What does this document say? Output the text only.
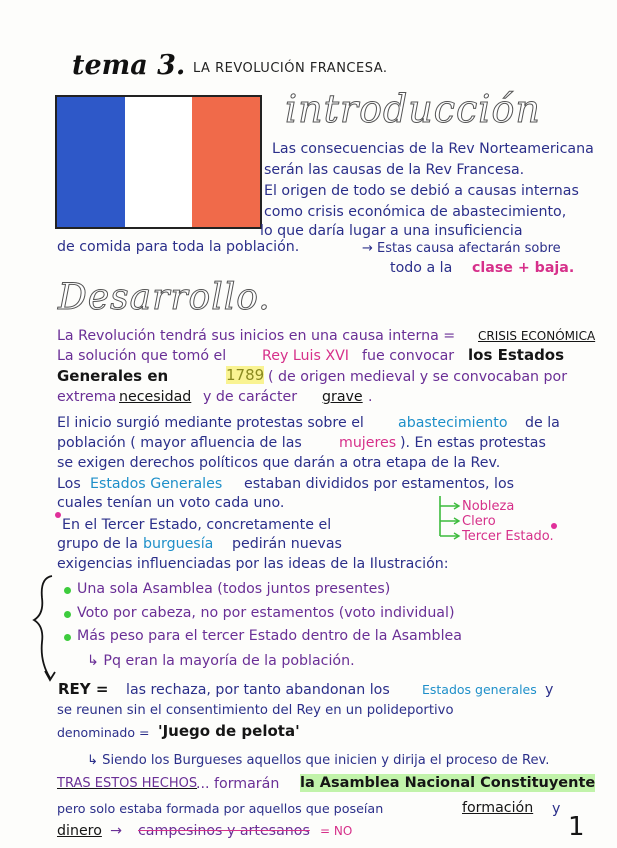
tema 3. LA REVOLUCIÓN FRANCESA.
introducción
Las consecuencias de la Rev Norteamericana
serán las causas de la Rev Francesa.
El origen de todo se debió a causas internas
como crisis económica de abastecimiento,
lo que daría lugar a una insuficiencia
de comida para toda la población.	→ Estas causa afectarán sobre
todo a la clase + baja.
Desarrollo.
La Revolución tendrá sus inicios en una causa interna = CRISIS ECONÓMICA
La solución que tomó el	Rey Luis XVI fue convocar los Estados
Generales en	1789 ( de origen medieval y se convocaban por
extrema necesidad y de carácter grave .
El inicio surgió mediante protestas sobre el abastecimiento de la
población ( mayor afluencia de las	mujeres ). En estas protestas
se exigen derechos políticos que darán a otra etapa de la Rev.
Los Estados Generales estaban divididos por estamentos, los
cuales tenían un voto cada uno.	Nobleza
Clero
Tercer Estado.
En el Tercer Estado, concretamente el
grupo de la burguesía pedirán nuevas
exigencias influenciadas por las ideas de la Ilustración:
Una sola Asamblea (todos juntos presentes)
Voto por cabeza, no por estamentos (voto individual)
Más peso para el tercer Estado dentro de la Asamblea
↳ Pq eran la mayoría de la población.
REY = las rechaza, por tanto abandonan los	Estados generales y
se reunen sin el consentimiento del Rey en un polideportivo
denominado = 'Juego de pelota'
↳ Siendo los Burgueses aquellos que inicien y dirija el proceso de Rev.
TRAS ESTOS HECHOS
... formarán la Asamblea Nacional Constituyente
pero solo estaba formada por aquellos que poseían	formación y
dinero → campesinos y artesanos = NO	1
